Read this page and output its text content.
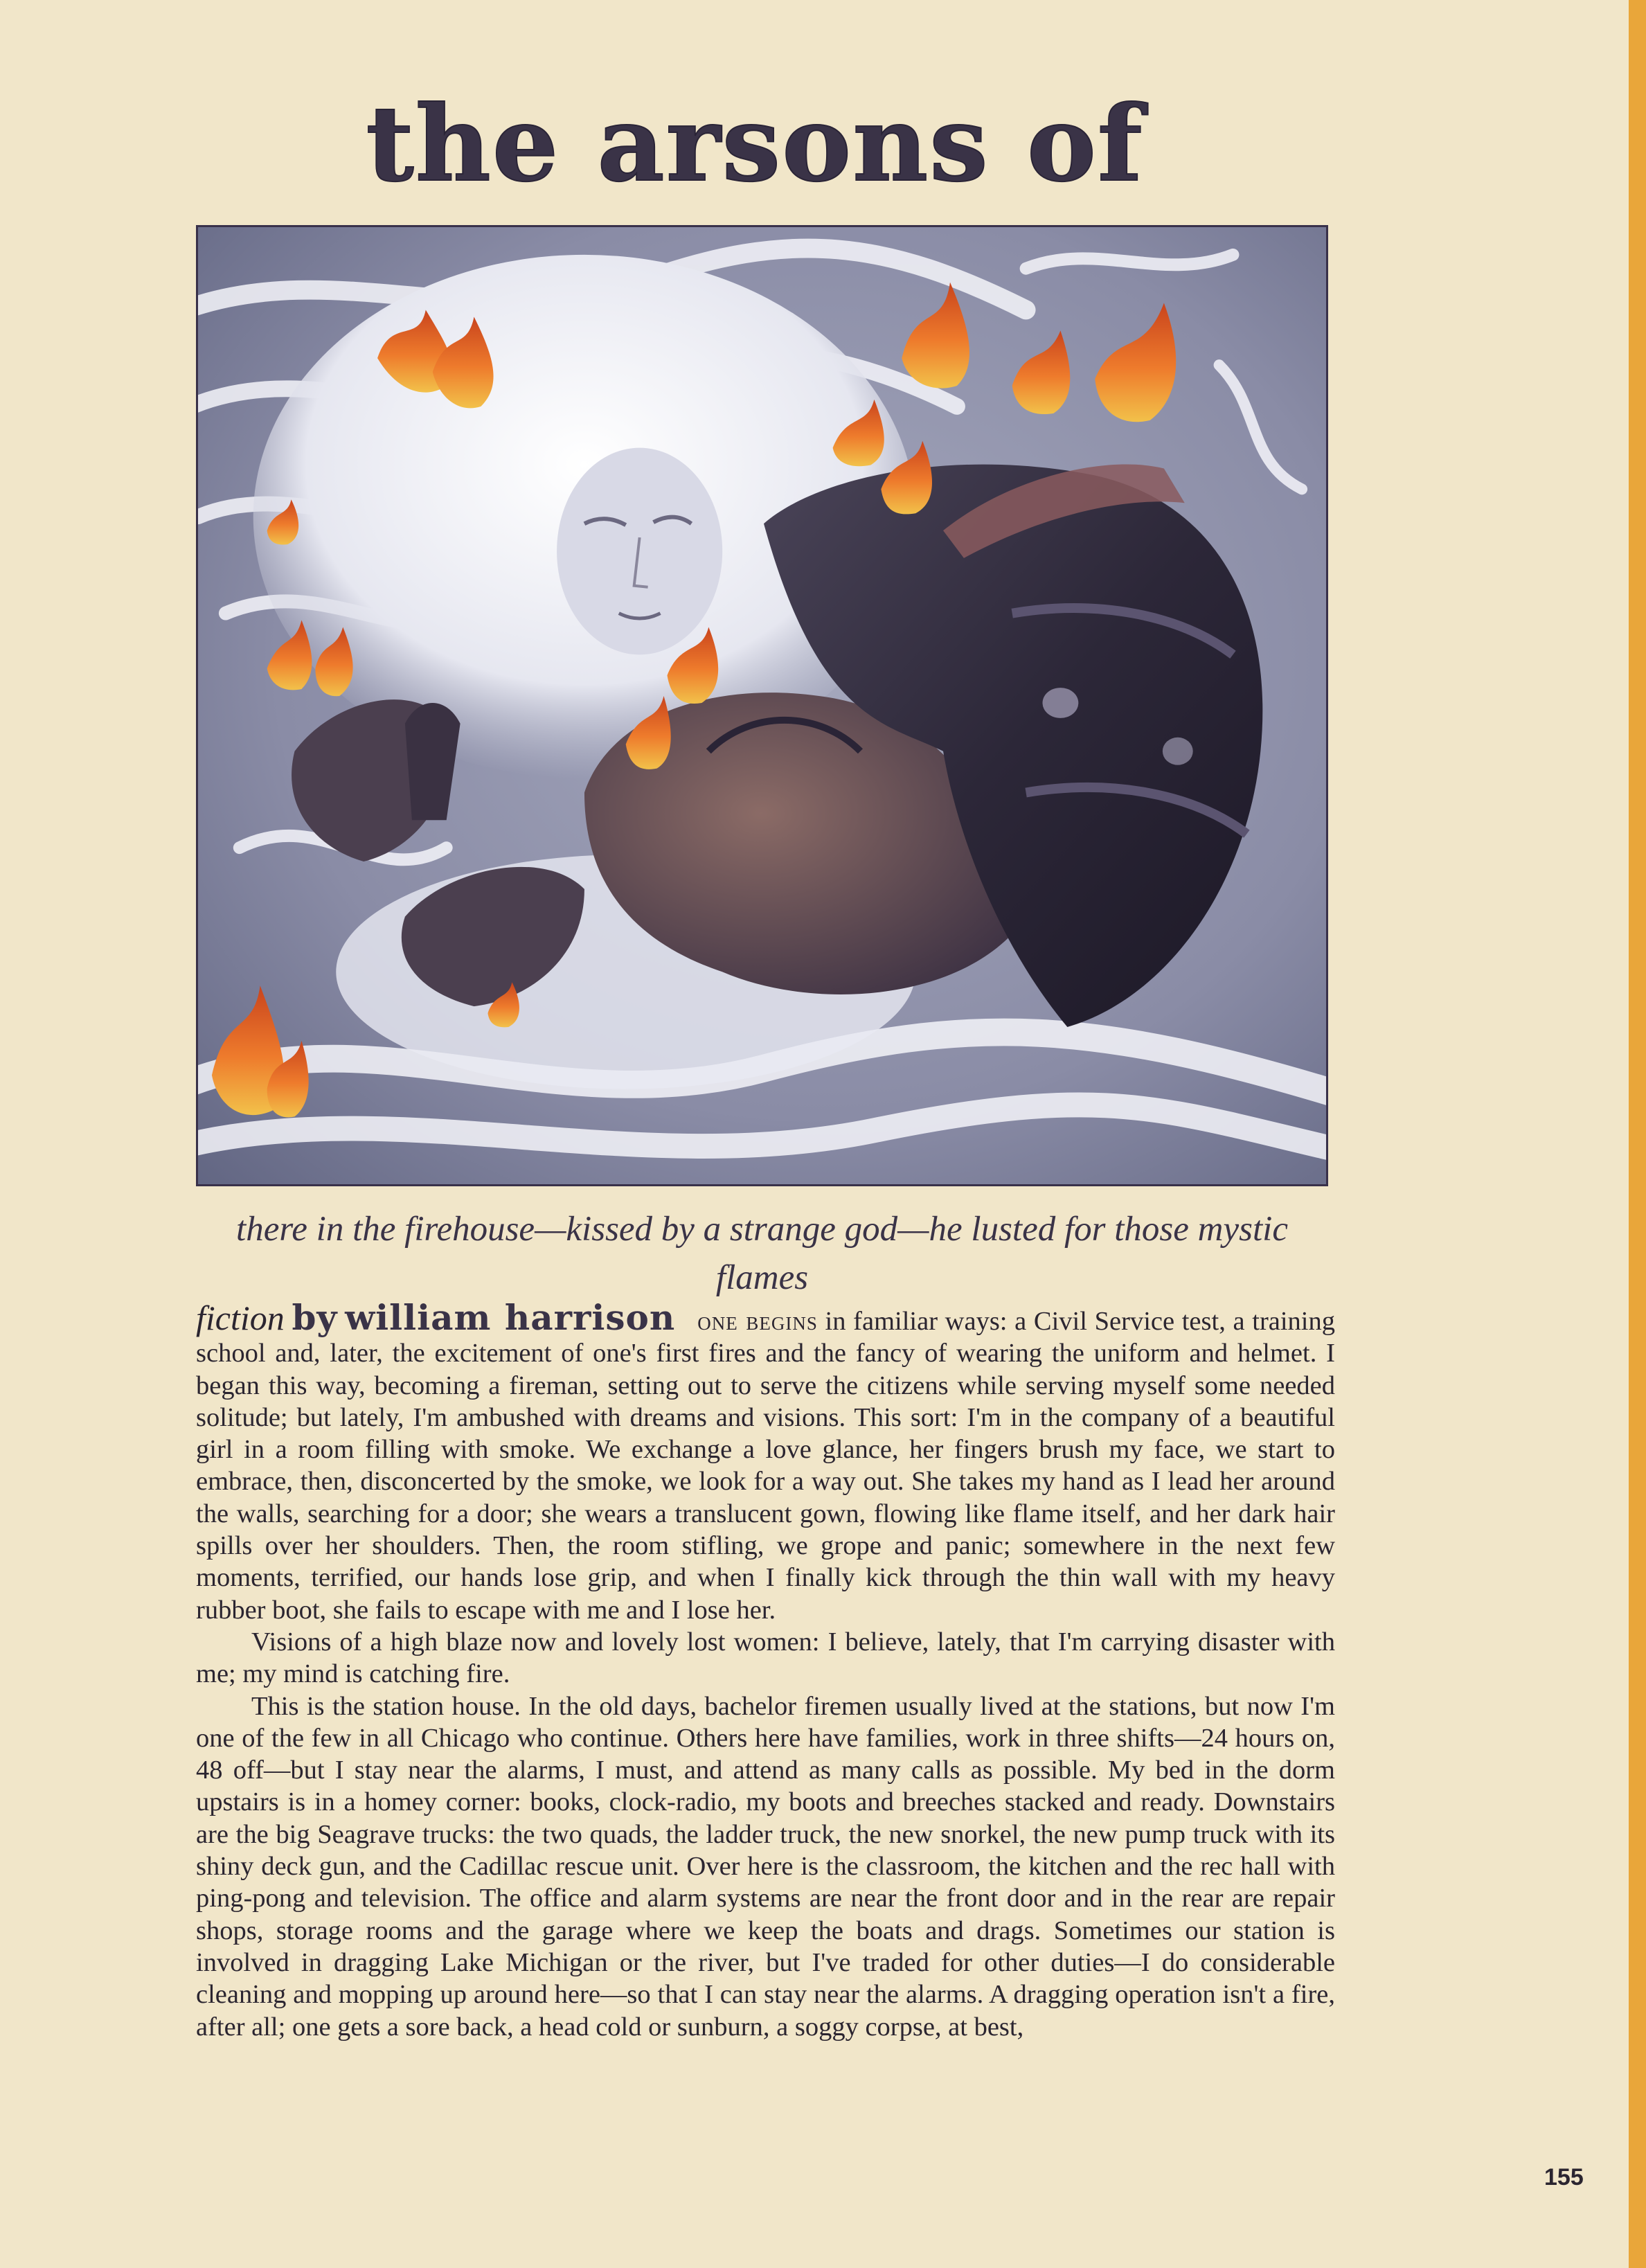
the arsons of

there in the firehouse—kissed by a strange god—he lusted for those mystic flames

fiction by william harrison one begins in familiar ways: a Civil Service test, a training school and, later, the excitement of one's first fires and the fancy of wearing the uniform and helmet. I began this way, becoming a fireman, setting out to serve the citizens while serving myself some needed solitude; but lately, I'm ambushed with dreams and visions. This sort: I'm in the company of a beautiful girl in a room filling with smoke. We exchange a love glance, her fingers brush my face, we start to embrace, then, disconcerted by the smoke, we look for a way out. She takes my hand as I lead her around the walls, searching for a door; she wears a translucent gown, flowing like flame itself, and her dark hair spills over her shoulders. Then, the room stifling, we grope and panic; somewhere in the next few moments, terrified, our hands lose grip, and when I finally kick through the thin wall with my heavy rubber boot, she fails to escape with me and I lose her.

Visions of a high blaze now and lovely lost women: I believe, lately, that I'm carrying disaster with me; my mind is catching fire.

This is the station house. In the old days, bachelor firemen usually lived at the stations, but now I'm one of the few in all Chicago who continue. Others here have families, work in three shifts—24 hours on, 48 off—but I stay near the alarms, I must, and attend as many calls as possible. My bed in the dorm upstairs is in a homey corner: books, clock-radio, my boots and breeches stacked and ready. Downstairs are the big Seagrave trucks: the two quads, the ladder truck, the new snorkel, the new pump truck with its shiny deck gun, and the Cadillac rescue unit. Over here is the classroom, the kitchen and the rec hall with ping-pong and television. The office and alarm systems are near the front door and in the rear are repair shops, storage rooms and the garage where we keep the boats and drags. Sometimes our station is involved in dragging Lake Michigan or the river, but I've traded for other duties—I do considerable cleaning and mopping up around here—so that I can stay near the alarms. A dragging operation isn't a fire, after all; one gets a sore back, a head cold or sunburn, a soggy corpse, at best,

155
